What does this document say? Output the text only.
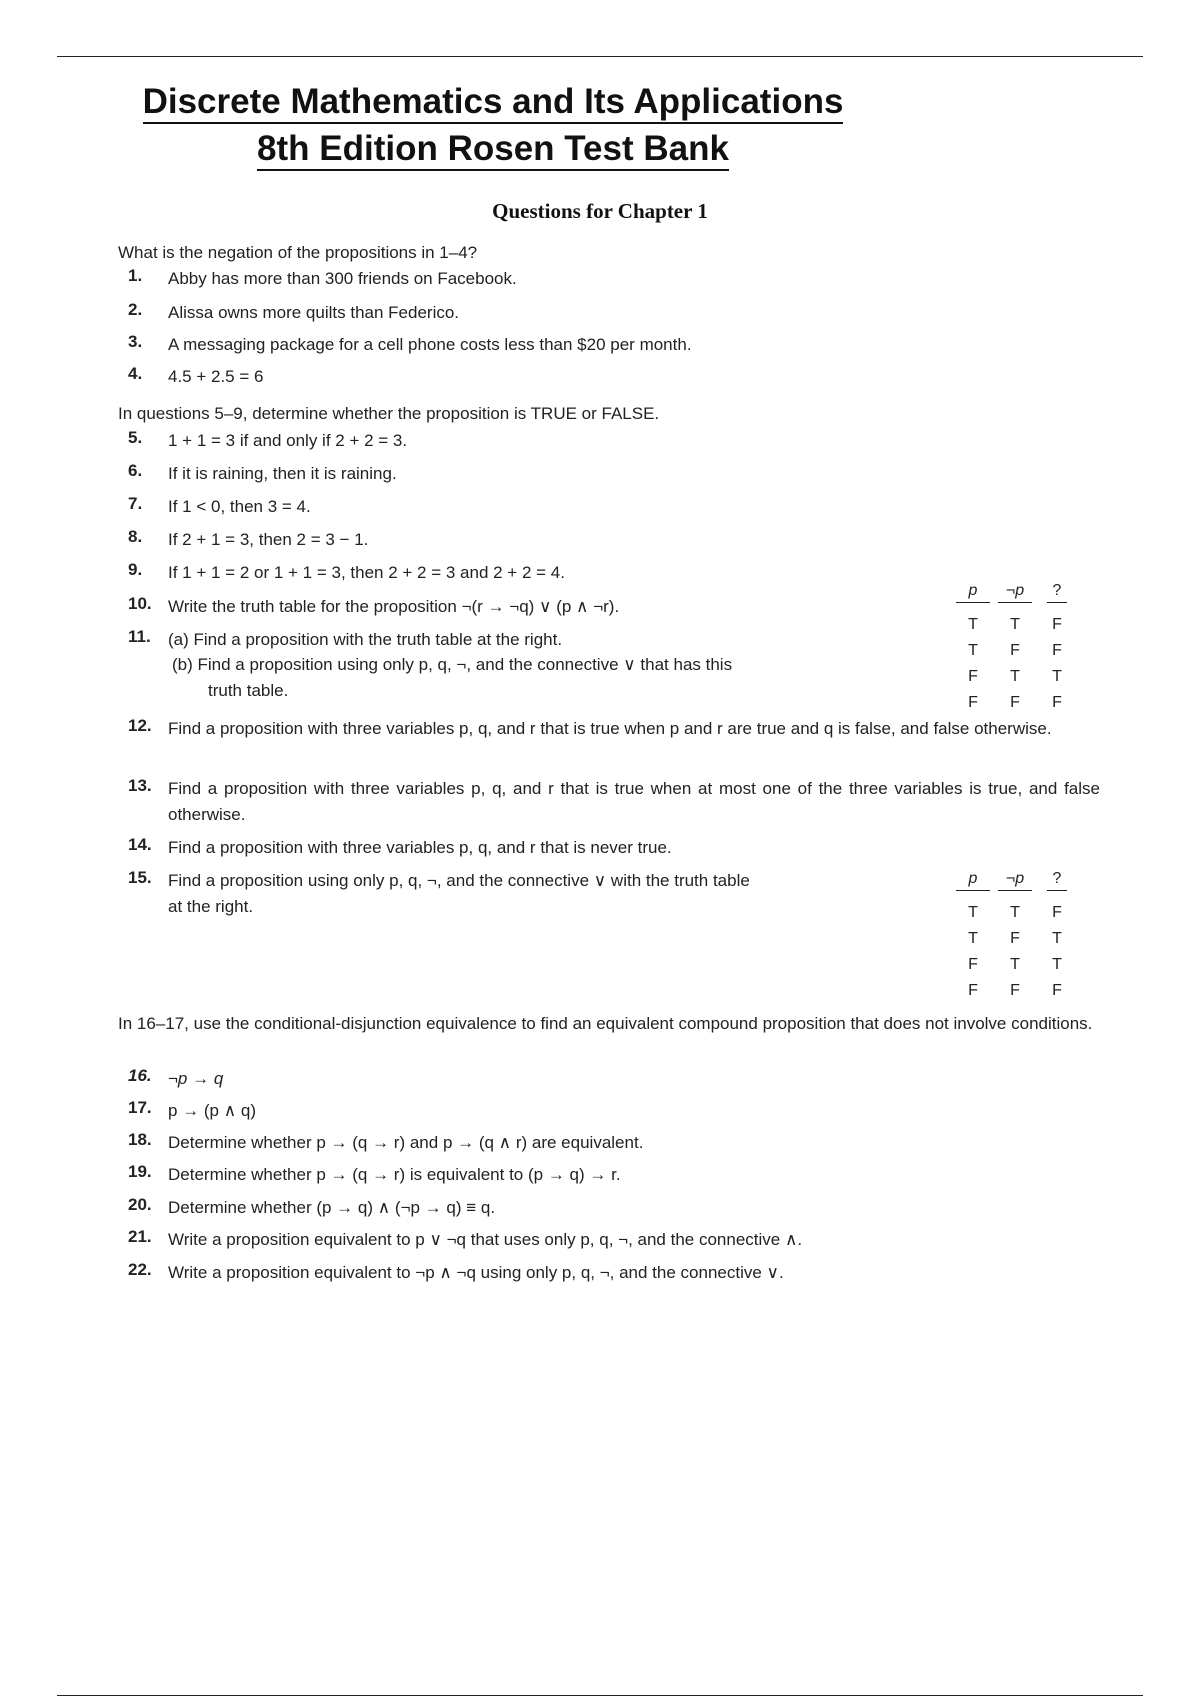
Discrete Mathematics and Its Applications
8th Edition Rosen Test Bank
Questions for Chapter 1
What is the negation of the propositions in 1–4?
1. Abby has more than 300 friends on Facebook.
2. Alissa owns more quilts than Federico.
3. A messaging package for a cell phone costs less than $20 per month.
4. 4.5 + 2.5 = 6
In questions 5–9, determine whether the proposition is TRUE or FALSE.
5. 1 + 1 = 3 if and only if 2 + 2 = 3.
6. If it is raining, then it is raining.
7. If 1 < 0, then 3 = 4.
8. If 2 + 1 = 3, then 2 = 3 − 1.
9. If 1 + 1 = 2 or 1 + 1 = 3, then 2 + 2 = 3 and 2 + 2 = 4.
10. Write the truth table for the proposition ¬(r → ¬q) ∨ (p ∧ ¬r).
11. (a) Find a proposition with the truth table at the right.
(b) Find a proposition using only p, q, ¬, and the connective ∨ that has this
truth table.
p	¬p	?
T	T	F
T	F	F
F	T	T
F	F	F
12. Find a proposition with three variables p, q, and r that is true when p and r are true and q is false, and false otherwise.
13. Find a proposition with three variables p, q, and r that is true when at most one of the three variables is true, and false otherwise.
14. Find a proposition with three variables p, q, and r that is never true.
15. Find a proposition using only p, q, ¬, and the connective ∨ with the truth table
at the right.
p	¬p	?
T	T	F
T	F	T
F	T	T
F	F	F
In 16–17, use the conditional-disjunction equivalence to find an equivalent compound proposition that does not involve conditions.
16. ¬p → q
17. p → (p ∧ q)
18. Determine whether p → (q → r) and p → (q ∧ r) are equivalent.
19. Determine whether p → (q → r) is equivalent to (p → q) → r.
20. Determine whether (p → q) ∧ (¬p → q) ≡ q.
21. Write a proposition equivalent to p ∨ ¬q that uses only p, q, ¬, and the connective ∧.
22. Write a proposition equivalent to ¬p ∧ ¬q using only p, q, ¬, and the connective ∨.
